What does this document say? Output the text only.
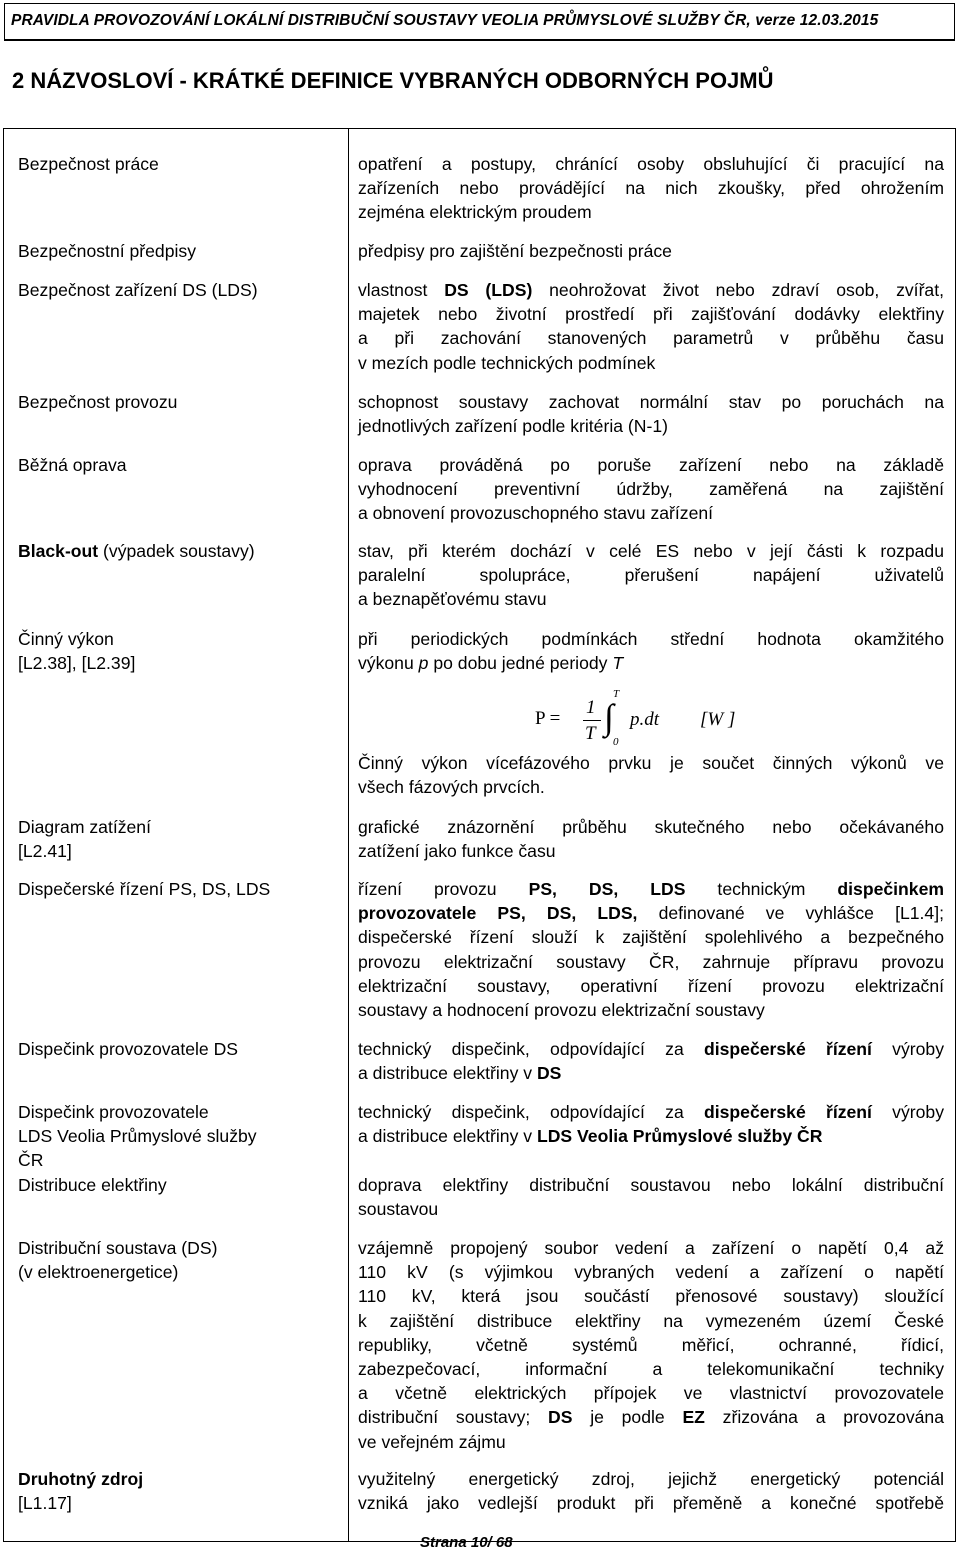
PRAVIDLA PROVOZOVÁNÍ LOKÁLNÍ DISTRIBUČNÍ SOUSTAVY VEOLIA PRŮMYSLOVÉ SLUŽBY ČR, verze 12.03.2015
2 NÁZVOSLOVÍ - KRÁTKÉ DEFINICE VYBRANÝCH ODBORNÝCH POJMŮ
Bezpečnost práce
Bezpečnostní předpisy
Bezpečnost zařízení DS (LDS)
Bezpečnost provozu
Běžná oprava
Black-out (výpadek soustavy)
Činný výkon
[L2.38], [L2.39]
Diagram zatížení
[L2.41]
Dispečerské řízení PS, DS, LDS
Dispečink provozovatele DS
Dispečink provozovatele
LDS Veolia Průmyslové služby
ČR
Distribuce elektřiny
Distribuční soustava (DS)
(v elektroenergetice)
Druhotný zdroj
[L1.17]
opatření a postupy, chránící osoby obsluhující či pracující na
zařízeních nebo provádějící na nich zkoušky, před ohrožením
zejména elektrickým proudem
předpisy pro zajištění bezpečnosti práce
vlastnost DS (LDS) neohrožovat život nebo zdraví osob, zvířat,
majetek nebo životní prostředí při zajišťování dodávky elektřiny
a při zachování stanovených parametrů v průběhu času
v mezích podle technických podmínek
schopnost soustavy zachovat normální stav po poruchách na
jednotlivých zařízení podle kritéria (N-1)
oprava prováděná po poruše zařízení nebo na základě
vyhodnocení preventivní údržby, zaměřená na zajištění
a obnovení provozuschopného stavu zařízení
stav, při kterém dochází v celé ES nebo v její části k rozpadu
paralelní spolupráce, přerušení napájení uživatelů
a beznapěťovému stavu
při periodických podmínkách střední hodnota okamžitého
výkonu p po dobu jedné periody T
P =
1
T
T
∫
0
p.dt [W ]
Činný výkon vícefázového prvku je součet činných výkonů ve
všech fázových prvcích.
grafické znázornění průběhu skutečného nebo očekávaného
zatížení jako funkce času
řízení provozu PS, DS, LDS technickým dispečinkem
provozovatele PS, DS, LDS, definované ve vyhlášce [L1.4];
dispečerské řízení slouží k zajištění spolehlivého a bezpečného
provozu elektrizační soustavy ČR, zahrnuje přípravu provozu
elektrizační soustavy, operativní řízení provozu elektrizační
soustavy a hodnocení provozu elektrizační soustavy
technický dispečink, odpovídající za dispečerské řízení výroby
a distribuce elektřiny v DS
technický dispečink, odpovídající za dispečerské řízení výroby
a distribuce elektřiny v LDS Veolia Průmyslové služby ČR
doprava elektřiny distribuční soustavou nebo lokální distribuční
soustavou
vzájemně propojený soubor vedení a zařízení o napětí 0,4 až
110 kV (s výjimkou vybraných vedení a zařízení o napětí
110 kV, která jsou součástí přenosové soustavy) sloužící
k zajištění distribuce elektřiny na vymezeném území České
republiky, včetně systémů měřicí, ochranné, řídicí,
zabezpečovací, informační a telekomunikační techniky
a včetně elektrických přípojek ve vlastnictví provozovatele
distribuční soustavy; DS je podle EZ zřizována a provozována
ve veřejném zájmu
využitelný energetický zdroj, jejichž energetický potenciál
vzniká jako vedlejší produkt při přeměně a konečné spotřebě
Strana 10/ 68
